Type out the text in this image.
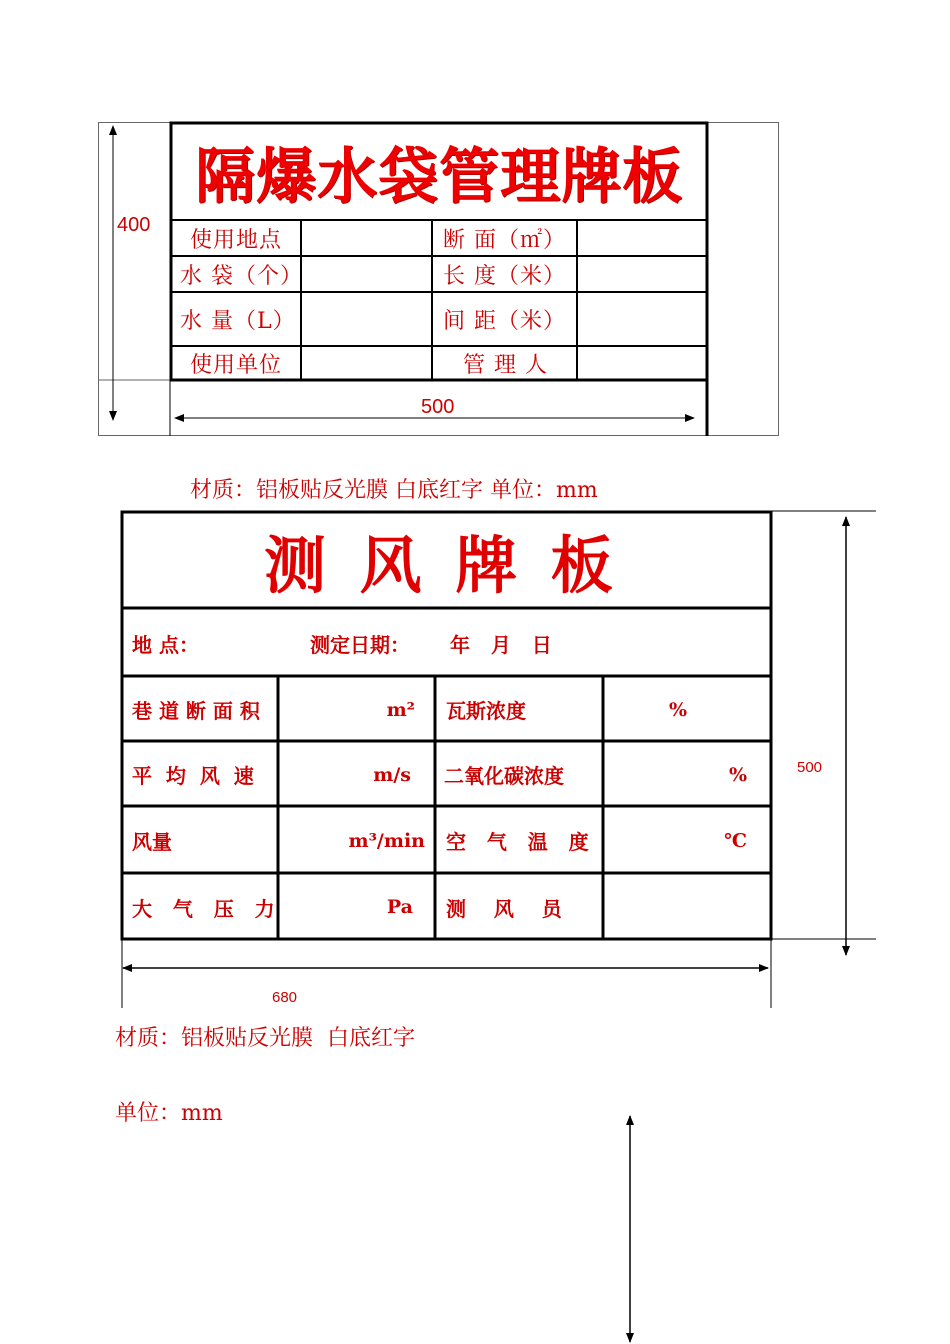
隔爆水袋管理牌板
使用地点	断 面（㎡）
水 袋（个）	长 度（米）
水 量（L）	间 距（米）
使用单位	管 理 人
400
500
材质：铝板贴反光膜 白底红字 单位：mm
测 风 牌 板
地 点：	测定日期：	年   月   日
巷 道 断 面 积	m²	瓦斯浓度	%
平  均  风  速	m/s	二氧化碳浓度	%
风量	m³/min	空   气   温   度	℃
大   气   压   力	Pa	测    风    员
500
680
材质：铝板贴反光膜  白底红字
单位：mm
